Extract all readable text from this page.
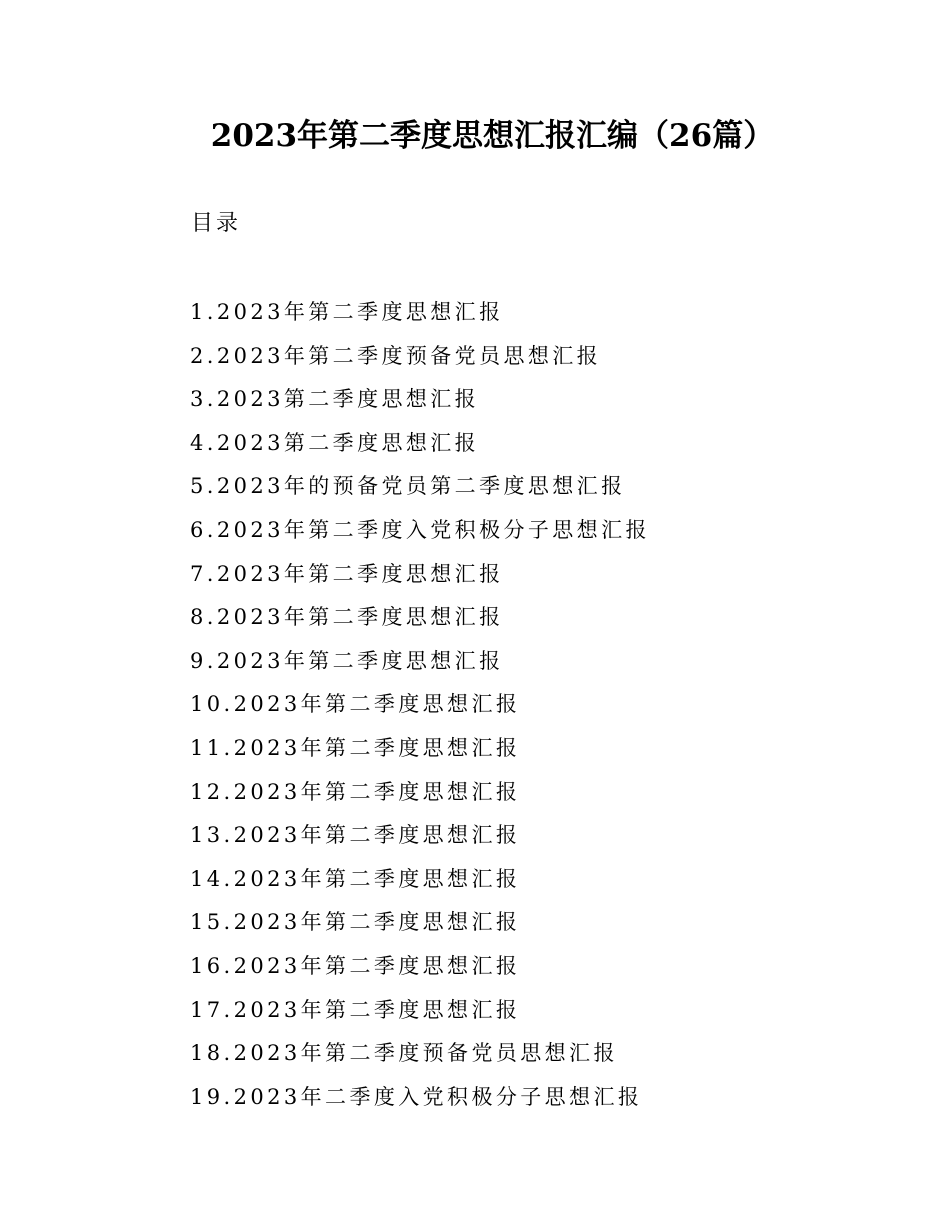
2023年第二季度思想汇报汇编（26篇）
目录
1.2023年第二季度思想汇报
2.2023年第二季度预备党员思想汇报
3.2023第二季度思想汇报
4.2023第二季度思想汇报
5.2023年的预备党员第二季度思想汇报
6.2023年第二季度入党积极分子思想汇报
7.2023年第二季度思想汇报
8.2023年第二季度思想汇报
9.2023年第二季度思想汇报
10.2023年第二季度思想汇报
11.2023年第二季度思想汇报
12.2023年第二季度思想汇报
13.2023年第二季度思想汇报
14.2023年第二季度思想汇报
15.2023年第二季度思想汇报
16.2023年第二季度思想汇报
17.2023年第二季度思想汇报
18.2023年第二季度预备党员思想汇报
19.2023年二季度入党积极分子思想汇报
